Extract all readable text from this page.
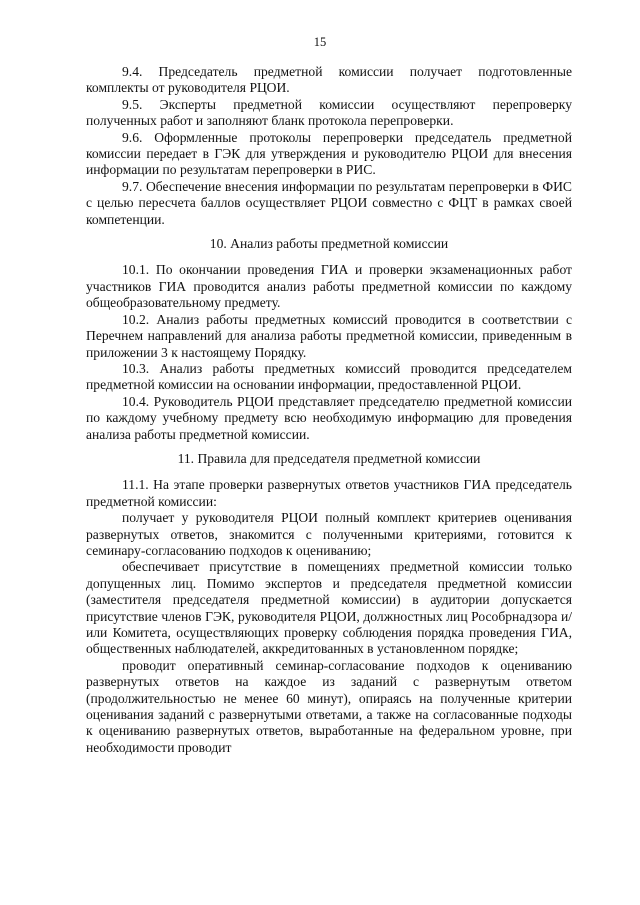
15

9.4. Председатель предметной комиссии получает подготовленные комплекты от руководителя РЦОИ.

9.5. Эксперты предметной комиссии осуществляют перепроверку полученных работ и заполняют бланк протокола перепроверки.

9.6. Оформленные протоколы перепроверки председатель предметной комиссии передает в ГЭК для утверждения и руководителю РЦОИ для внесения информации по результатам перепроверки в РИС.

9.7. Обеспечение внесения информации по результатам перепроверки в ФИС с целью пересчета баллов осуществляет РЦОИ совместно с ФЦТ в рамках своей компетенции.

10. Анализ работы предметной комиссии

10.1. По окончании проведения ГИА и проверки экзаменационных работ участников ГИА проводится анализ работы предметной комиссии по каждому общеобразовательному предмету.

10.2. Анализ работы предметных комиссий проводится в соответствии с Перечнем направлений для анализа работы предметной комиссии, приведенным в приложении 3 к настоящему Порядку.

10.3. Анализ работы предметных комиссий проводится председателем предметной комиссии на основании информации, предоставленной РЦОИ.

10.4. Руководитель РЦОИ представляет председателю предметной комиссии по каждому учебному предмету всю необходимую информацию для проведения анализа работы предметной комиссии.

11. Правила для председателя предметной комиссии

11.1. На этапе проверки развернутых ответов участников ГИА председатель предметной комиссии:

получает у руководителя РЦОИ полный комплект критериев оценивания развернутых ответов, знакомится с полученными критериями, готовится к семинару-согласованию подходов к оцениванию;

обеспечивает присутствие в помещениях предметной комиссии только допущенных лиц. Помимо экспертов и председателя предметной комиссии (заместителя председателя предметной комиссии) в аудитории допускается присутствие членов ГЭК, руководителя РЦОИ, должностных лиц Рособрнадзора и/или Комитета, осуществляющих проверку соблюдения порядка проведения ГИА, общественных наблюдателей, аккредитованных в установленном порядке;

проводит оперативный семинар-согласование подходов к оцениванию развернутых ответов на каждое из заданий с развернутым ответом (продолжительностью не менее 60 минут), опираясь на полученные критерии оценивания заданий с развернутыми ответами, а также на согласованные подходы к оцениванию развернутых ответов, выработанные на федеральном уровне, при необходимости проводит
